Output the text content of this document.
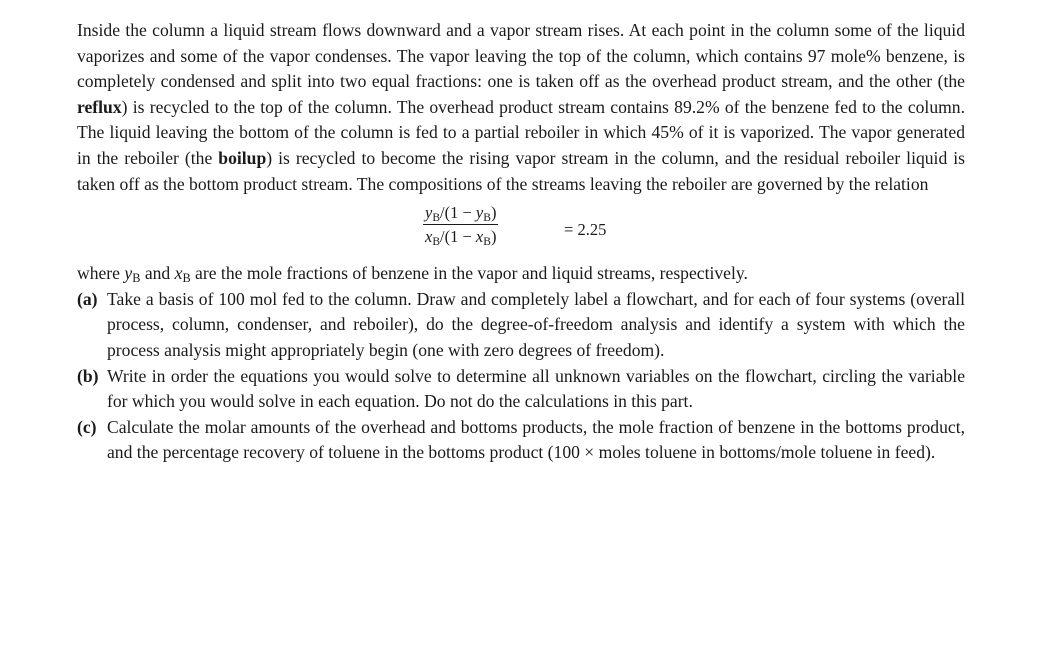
Inside the column a liquid stream flows downward and a vapor stream rises. At each point in the column some of the liquid vaporizes and some of the vapor condenses. The vapor leaving the top of the column, which contains 97 mole% benzene, is completely condensed and split into two equal fractions: one is taken off as the overhead product stream, and the other (the reflux) is recycled to the top of the column. The overhead product stream contains 89.2% of the benzene fed to the column. The liquid leaving the bottom of the column is fed to a partial reboiler in which 45% of it is vaporized. The vapor generated in the reboiler (the boilup) is recycled to become the rising vapor stream in the column, and the residual reboiler liquid is taken off as the bottom product stream. The compositions of the streams leaving the reboiler are governed by the relation

$\frac{y_B/(1 - y_B)}{x_B/(1 - x_B)}$	= 2.25

where $y_B$ and $x_B$ are the mole fractions of benzene in the vapor and liquid streams, respectively.

(a) Take a basis of 100 mol fed to the column. Draw and completely label a flowchart, and for each of four systems (overall process, column, condenser, and reboiler), do the degree-of-freedom analysis and identify a system with which the process analysis might appropriately begin (one with zero degrees of freedom).
(b) Write in order the equations you would solve to determine all unknown variables on the flowchart, circling the variable for which you would solve in each equation. Do not do the calculations in this part.
(c) Calculate the molar amounts of the overhead and bottoms products, the mole fraction of benzene in the bottoms product, and the percentage recovery of toluene in the bottoms product (100 × moles toluene in bottoms/mole toluene in feed).
